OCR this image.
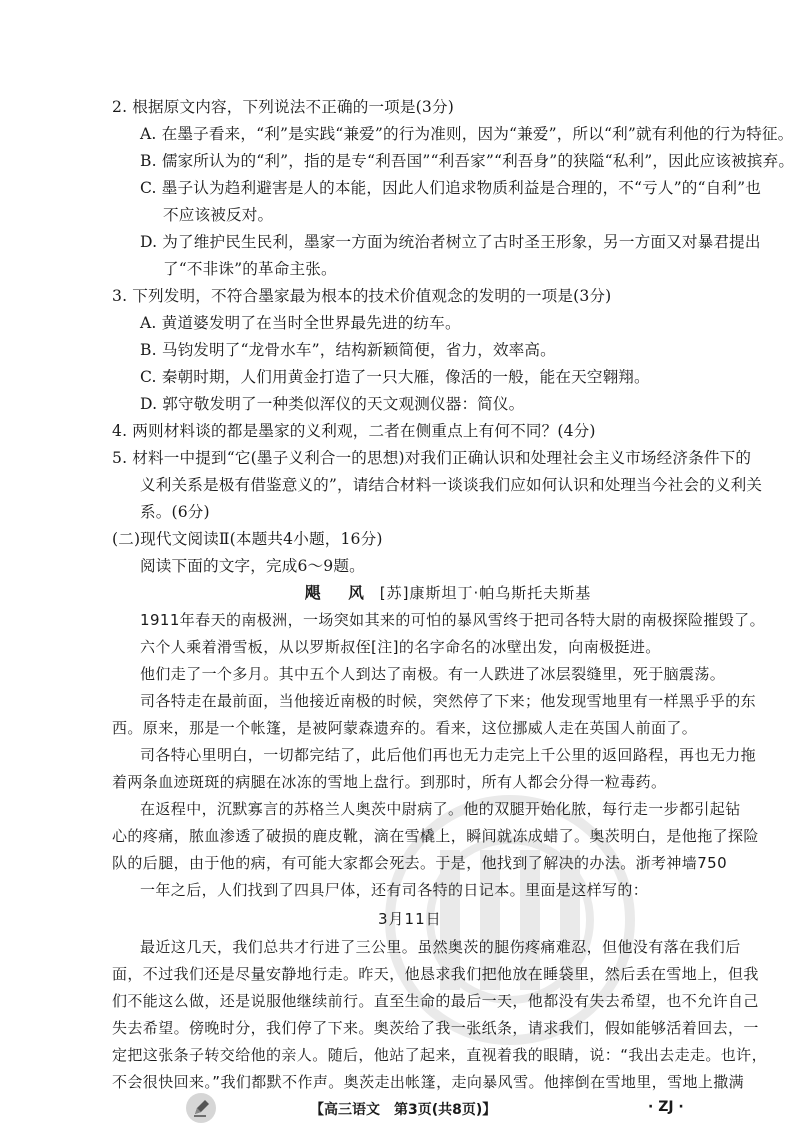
2. 根据原文内容，下列说法不正确的一项是(3分)
A. 在墨子看来，“利”是实践“兼爱”的行为准则，因为“兼爱”，所以“利”就有利他的行为特征。
B. 儒家所认为的“利”，指的是专“利吾国”“利吾家”“利吾身”的狭隘“私利”，因此应该被摈弃。
C. 墨子认为趋利避害是人的本能，因此人们追求物质利益是合理的，不“亏人”的“自利”也
不应该被反对。
D. 为了维护民生民利，墨家一方面为统治者树立了古时圣王形象，另一方面又对暴君提出
了“不非诛”的革命主张。
3. 下列发明，不符合墨家最为根本的技术价值观念的发明的一项是(3分)
A. 黄道婆发明了在当时全世界最先进的纺车。
B. 马钧发明了“龙骨水车”，结构新颖简便，省力，效率高。
C. 秦朝时期，人们用黄金打造了一只大雁，像活的一般，能在天空翱翔。
D. 郭守敬发明了一种类似浑仪的天文观测仪器：简仪。
4. 两则材料谈的都是墨家的义利观，二者在侧重点上有何不同？(4分)
5. 材料一中提到“它(墨子义利合一的思想)对我们正确认识和处理社会主义市场经济条件下的
义利关系是极有借鉴意义的”，请结合材料一谈谈我们应如何认识和处理当今社会的义利关
系。(6分)
(二)现代文阅读Ⅱ(本题共4小题，16分)
阅读下面的文字，完成6～9题。
飓　风 [苏]康斯坦丁·帕乌斯托夫斯基
1911年春天的南极洲，一场突如其来的可怕的暴风雪终于把司各特大尉的南极探险摧毁了。
六个人乘着滑雪板，从以罗斯叔侄[注]的名字命名的冰壁出发，向南极挺进。
他们走了一个多月。其中五个人到达了南极。有一人跌进了冰层裂缝里，死于脑震荡。
司各特走在最前面，当他接近南极的时候，突然停了下来；他发现雪地里有一样黑乎乎的东
西。原来，那是一个帐篷，是被阿蒙森遗弃的。看来，这位挪威人走在英国人前面了。
司各特心里明白，一切都完结了，此后他们再也无力走完上千公里的返回路程，再也无力拖
着两条血迹斑斑的病腿在冰冻的雪地上盘行。到那时，所有人都会分得一粒毒药。
在返程中，沉默寡言的苏格兰人奥茨中尉病了。他的双腿开始化脓，每行走一步都引起钻
心的疼痛，脓血渗透了破损的鹿皮靴，滴在雪橇上，瞬间就冻成蜡了。奥茨明白，是他拖了探险
队的后腿，由于他的病，有可能大家都会死去。于是，他找到了解决的办法。浙考神墙750
一年之后，人们找到了四具尸体，还有司各特的日记本。里面是这样写的：
3月11日
最近这几天，我们总共才行进了三公里。虽然奥茨的腿伤疼痛难忍，但他没有落在我们后
面，不过我们还是尽量安静地行走。昨天，他恳求我们把他放在睡袋里，然后丢在雪地上，但我
们不能这么做，还是说服他继续前行。直至生命的最后一天，他都没有失去希望，也不允许自己
失去希望。傍晚时分，我们停了下来。奥茨给了我一张纸条，请求我们，假如能够活着回去，一
定把这张条子转交给他的亲人。随后，他站了起来，直视着我的眼睛，说：“我出去走走。也许，
不会很快回来。”我们都默不作声。奥茨走出帐篷，走向暴风雪。他摔倒在雪地里，雪地上撒满
【高三语文　第3页(共8页)】	· ZJ ·
